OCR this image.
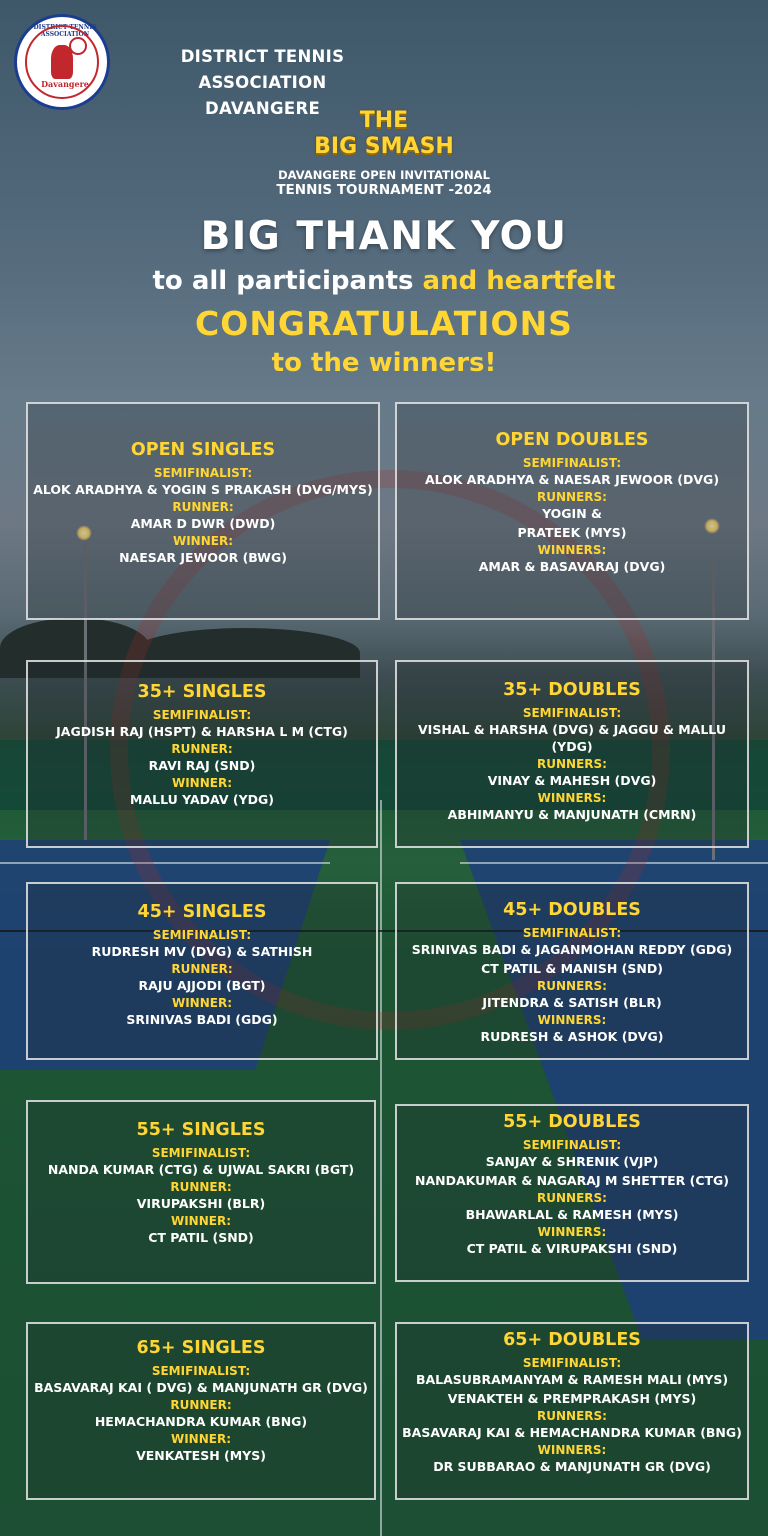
DISTRICT TENNIS ASSOCIATION
Davangere
DISTRICT TENNIS ASSOCIATION
DAVANGERE	THE
BIG SMASH
DAVANGERE OPEN INVITATIONAL
TENNIS TOURNAMENT -2024
BIG THANK YOU
to all participants and heartfelt
CONGRATULATIONS
to the winners!
OPEN SINGLES
SEMIFINALIST:
ALOK ARADHYA & YOGIN S PRAKASH (DVG/MYS)
RUNNER:
AMAR D DWR (DWD)
WINNER:
NAESAR JEWOOR (BWG)
OPEN DOUBLES
SEMIFINALIST:
ALOK ARADHYA & NAESAR JEWOOR (DVG)
RUNNERS:
YOGIN &
PRATEEK (MYS)
WINNERS:
AMAR & BASAVARAJ (DVG)
35+ SINGLES
SEMIFINALIST:
JAGDISH RAJ (HSPT) & HARSHA L M (CTG)
RUNNER:
RAVI RAJ (SND)
WINNER:
MALLU YADAV (YDG)
35+ DOUBLES
SEMIFINALIST:
VISHAL & HARSHA (DVG) & JAGGU & MALLU (YDG)
RUNNERS:
VINAY & MAHESH (DVG)
WINNERS:
ABHIMANYU & MANJUNATH (CMRN)
45+ SINGLES
SEMIFINALIST:
RUDRESH MV (DVG) & SATHISH
RUNNER:
RAJU AJJODI (BGT)
WINNER:
SRINIVAS BADI (GDG)
45+ DOUBLES
SEMIFINALIST:
SRINIVAS BADI & JAGANMOHAN REDDY (GDG)
CT PATIL & MANISH (SND)
RUNNERS:
JITENDRA & SATISH (BLR)
WINNERS:
RUDRESH & ASHOK (DVG)
55+ SINGLES
SEMIFINALIST:
NANDA KUMAR (CTG) & UJWAL SAKRI (BGT)
RUNNER:
VIRUPAKSHI (BLR)
WINNER:
CT PATIL (SND)
55+ DOUBLES
SEMIFINALIST:
SANJAY & SHRENIK (VJP)
NANDAKUMAR & NAGARAJ M SHETTER (CTG)
RUNNERS:
BHAWARLAL & RAMESH (MYS)
WINNERS:
CT PATIL & VIRUPAKSHI (SND)
65+ SINGLES
SEMIFINALIST:
BASAVARAJ KAI ( DVG) & MANJUNATH GR (DVG)
RUNNER:
HEMACHANDRA KUMAR (BNG)
WINNER:
VENKATESH (MYS)
65+ DOUBLES
SEMIFINALIST:
BALASUBRAMANYAM & RAMESH MALI (MYS)
VENAKTEH & PREMPRAKASH (MYS)
RUNNERS:
BASAVARAJ KAI & HEMACHANDRA KUMAR (BNG)
WINNERS:
DR SUBBARAO & MANJUNATH GR (DVG)
